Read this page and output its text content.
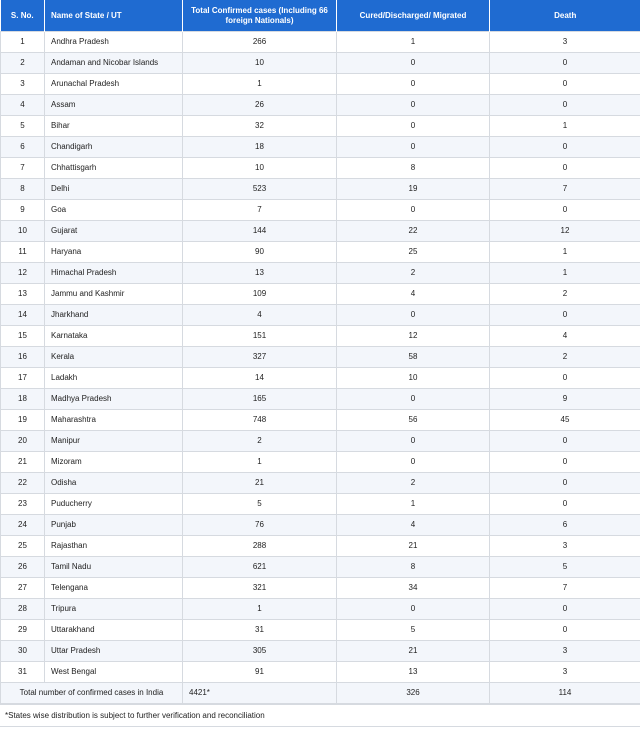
S. No.	Name of State / UT	Total Confirmed cases (Including 66 foreign Nationals)	Cured/Discharged/ Migrated	Death
1	Andhra Pradesh	266	1	3
2	Andaman and Nicobar Islands	10	0	0
3	Arunachal Pradesh	1	0	0
4	Assam	26	0	0
5	Bihar	32	0	1
6	Chandigarh	18	0	0
7	Chhattisgarh	10	8	0
8	Delhi	523	19	7
9	Goa	7	0	0
10	Gujarat	144	22	12
11	Haryana	90	25	1
12	Himachal Pradesh	13	2	1
13	Jammu and Kashmir	109	4	2
14	Jharkhand	4	0	0
15	Karnataka	151	12	4
16	Kerala	327	58	2
17	Ladakh	14	10	0
18	Madhya Pradesh	165	0	9
19	Maharashtra	748	56	45
20	Manipur	2	0	0
21	Mizoram	1	0	0
22	Odisha	21	2	0
23	Puducherry	5	1	0
24	Punjab	76	4	6
25	Rajasthan	288	21	3
26	Tamil Nadu	621	8	5
27	Telengana	321	34	7
28	Tripura	1	0	0
29	Uttarakhand	31	5	0
30	Uttar Pradesh	305	21	3
31	West Bengal	91	13	3
Total number of confirmed cases in India		4421*	326	114
*States wise distribution is subject to further verification and reconciliation
